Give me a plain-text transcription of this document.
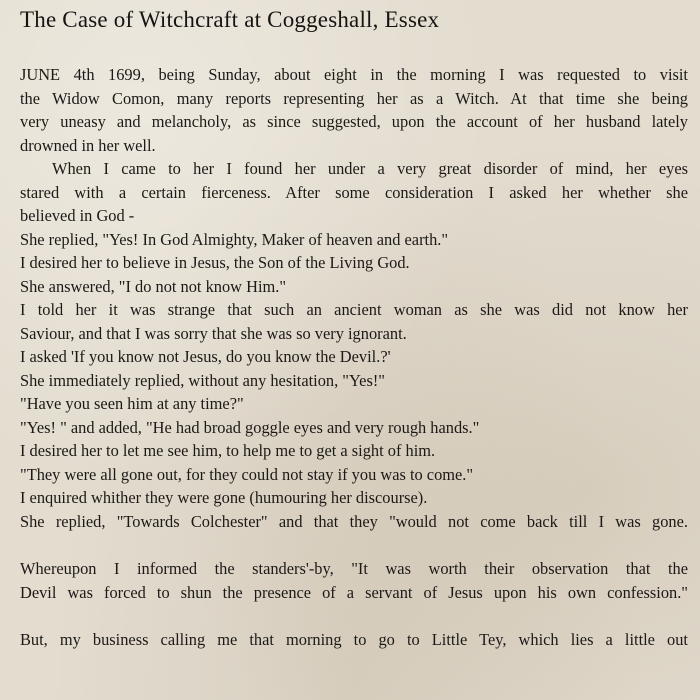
The Case of Witchcraft at Coggeshall, Essex
JUNE 4th 1699, being Sunday, about eight in the morning I was requested to visit
the Widow Comon, many reports representing her as a Witch. At that time she being
very uneasy and melancholy, as since suggested, upon the account of her husband lately
drowned in her well.
When I came to her I found her under a very great disorder of mind, her eyes
stared with a certain fierceness. After some consideration I asked her whether she
believed in God -
She replied, "Yes! In God Almighty, Maker of heaven and earth."
I desired her to believe in Jesus, the Son of the Living God.
She answered, "I do not not know Him."
I told her it was strange that such an ancient woman as she was did not know her
Saviour, and that I was sorry that she was so very ignorant.
I asked 'If you know not Jesus, do you know the Devil.?'
She immediately replied, without any hesitation, "Yes!"
"Have you seen him at any time?"
"Yes! " and added, "He had broad goggle eyes and very rough hands."
I desired her to let me see him, to help me to get a sight of him.
"They were all gone out, for they could not stay if you was to come."
I enquired whither they were gone (humouring her discourse).
She replied, "Towards Colchester" and that they "would not come back till I was gone.
Whereupon I informed the standers'-by, "It was worth their observation that the
Devil was forced to shun the presence of a servant of Jesus upon his own confession."
But, my business calling me that morning to go to Little Tey, which lies a little out
